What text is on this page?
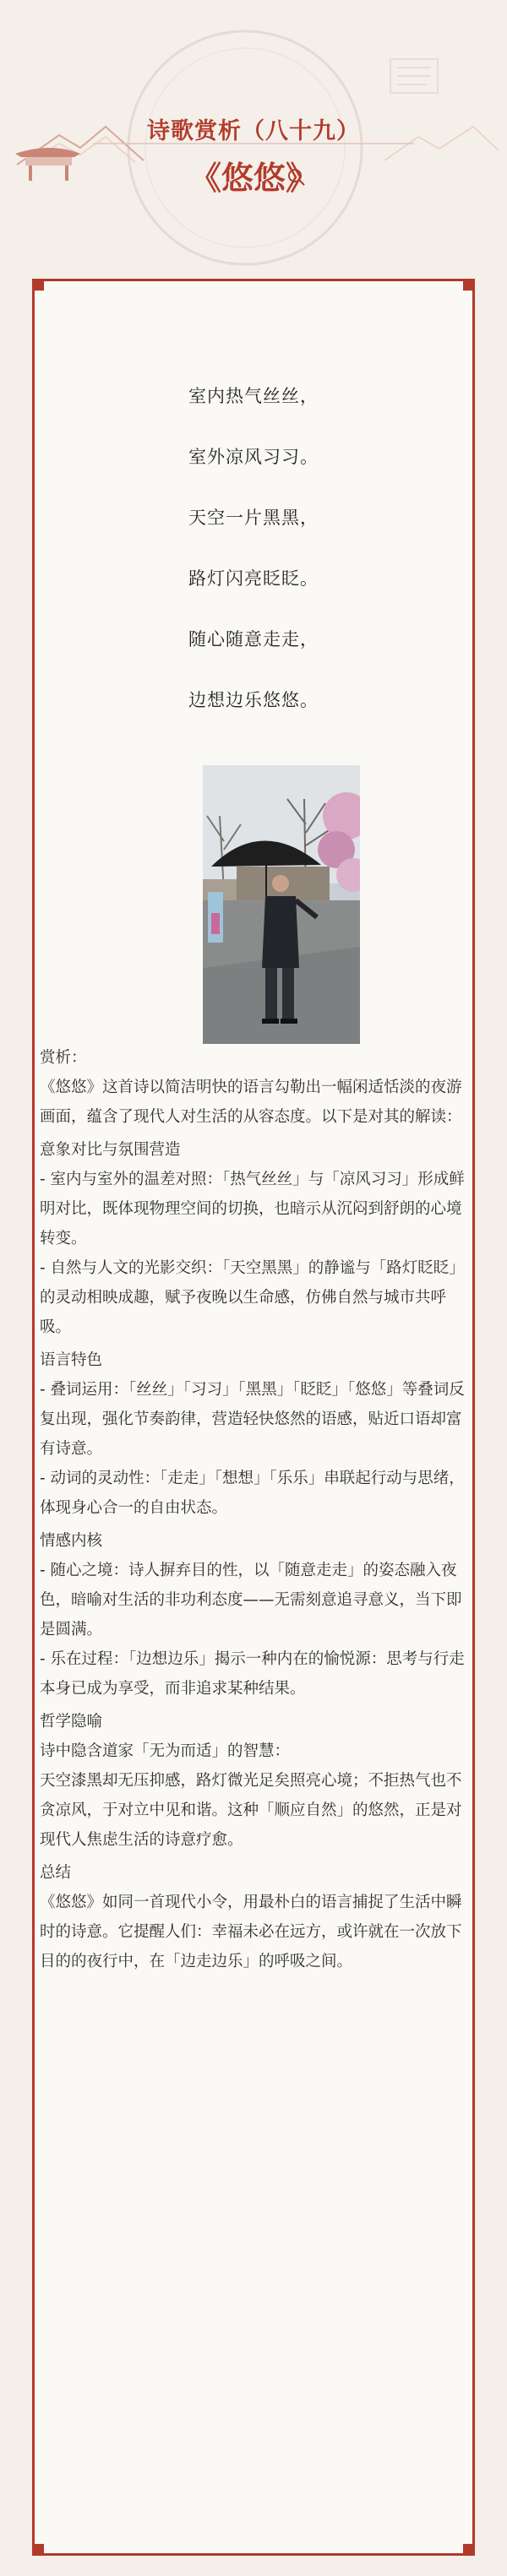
诗歌赏析（八十九）
《悠悠》
室内热气丝丝，
室外凉风习习。
天空一片黑黑，
路灯闪亮眨眨。
随心随意走走，
边想边乐悠悠。

赏析：

《悠悠》这首诗以简洁明快的语言勾勒出一幅闲适恬淡的夜游画面，蕴含了现代人对生活的从容态度。以下是对其的解读：

意象对比与氛围营造

- 室内与室外的温差对照：「热气丝丝」与「凉风习习」形成鲜明对比，既体现物理空间的切换，也暗示从沉闷到舒朗的心境转变。

- 自然与人文的光影交织：「天空黑黑」的静谧与「路灯眨眨」的灵动相映成趣，赋予夜晚以生命感，仿佛自然与城市共呼吸。

语言特色

- 叠词运用：「丝丝」「习习」「黑黑」「眨眨」「悠悠」等叠词反复出现，强化节奏韵律，营造轻快悠然的语感，贴近口语却富有诗意。

- 动词的灵动性：「走走」「想想」「乐乐」串联起行动与思绪，体现身心合一的自由状态。

情感内核

- 随心之境：诗人摒弃目的性，以「随意走走」的姿态融入夜色，暗喻对生活的非功利态度——无需刻意追寻意义，当下即是圆满。

- 乐在过程：「边想边乐」揭示一种内在的愉悦源：思考与行走本身已成为享受，而非追求某种结果。

哲学隐喻

诗中隐含道家「无为而适」的智慧：

天空漆黑却无压抑感，路灯微光足矣照亮心境；不拒热气也不贪凉风，于对立中见和谐。这种「顺应自然」的悠然，正是对现代人焦虑生活的诗意疗愈。

总结

《悠悠》如同一首现代小令，用最朴白的语言捕捉了生活中瞬时的诗意。它提醒人们：幸福未必在远方，或许就在一次放下目的的夜行中，在「边走边乐」的呼吸之间。
